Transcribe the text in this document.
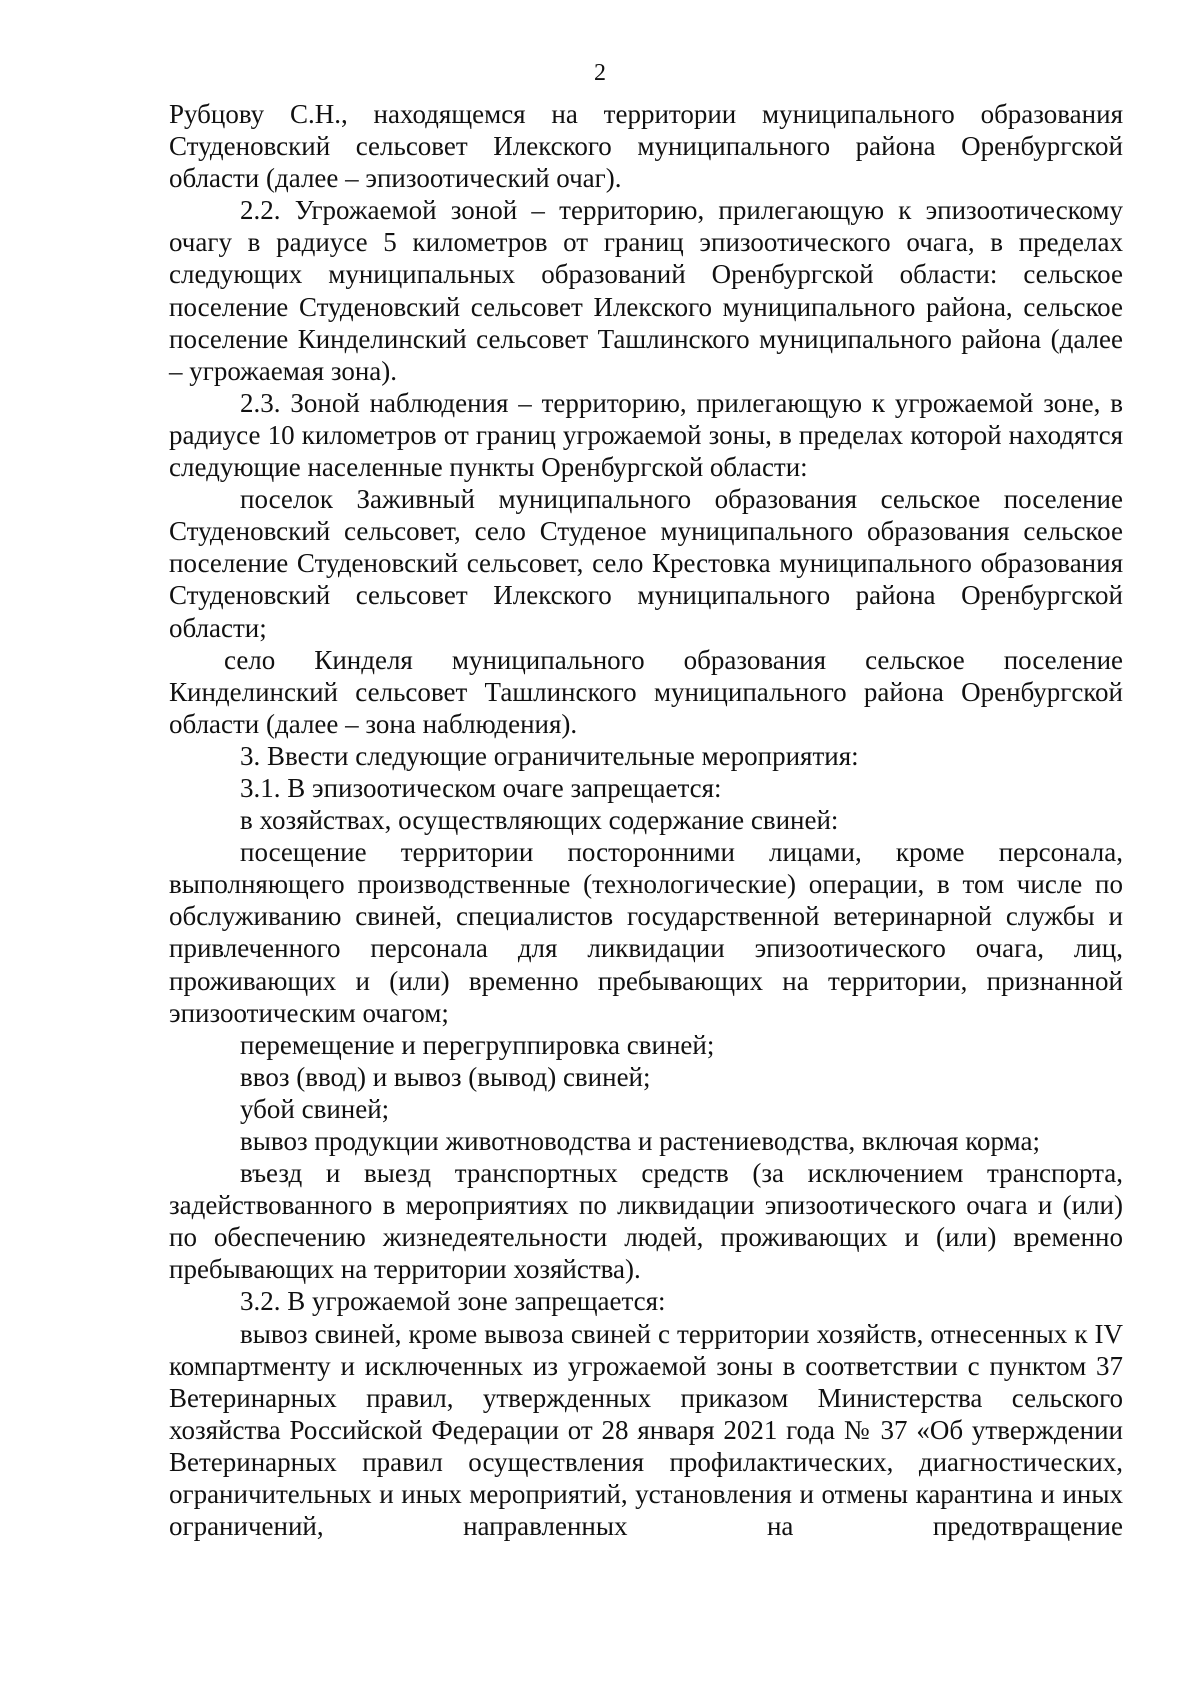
2

Рубцову С.Н., находящемся на территории муниципального образования Студеновский сельсовет Илекского муниципального района Оренбургской области (далее – эпизоотический очаг).

2.2. Угрожаемой зоной – территорию, прилегающую к эпизоотическому очагу в радиусе 5 километров от границ эпизоотического очага, в пределах следующих муниципальных образований Оренбургской области: сельское поселение Студеновский сельсовет Илекского муниципального района, сельское поселение Кинделинский сельсовет Ташлинского муниципального района (далее – угрожаемая зона).

2.3. Зоной наблюдения – территорию, прилегающую к угрожаемой зоне, в радиусе 10 километров от границ угрожаемой зоны, в пределах которой находятся следующие населенные пункты Оренбургской области:

поселок Заживный муниципального образования сельское поселение Студеновский сельсовет, село Студеное муниципального образования сельское поселение Студеновский сельсовет, село Крестовка муниципального образования Студеновский сельсовет Илекского муниципального района Оренбургской области;

село Кинделя муниципального образования сельское поселение Кинделинский сельсовет Ташлинского муниципального района Оренбургской области (далее – зона наблюдения).

3. Ввести следующие ограничительные мероприятия:

3.1. В эпизоотическом очаге запрещается:

в хозяйствах, осуществляющих содержание свиней:

посещение территории посторонними лицами, кроме персонала, выполняющего производственные (технологические) операции, в том числе по обслуживанию свиней, специалистов государственной ветеринарной службы и привлеченного персонала для ликвидации эпизоотического очага, лиц, проживающих и (или) временно пребывающих на территории, признанной эпизоотическим очагом;

перемещение и перегруппировка свиней;

ввоз (ввод) и вывоз (вывод) свиней;

убой свиней;

вывоз продукции животноводства и растениеводства, включая корма;

въезд и выезд транспортных средств (за исключением транспорта, задействованного в мероприятиях по ликвидации эпизоотического очага и (или) по обеспечению жизнедеятельности людей, проживающих и (или) временно пребывающих на территории хозяйства).

3.2. В угрожаемой зоне запрещается:

вывоз свиней, кроме вывоза свиней с территории хозяйств, отнесенных к IV компартменту и исключенных из угрожаемой зоны в соответствии с пунктом 37 Ветеринарных правил, утвержденных приказом Министерства сельского хозяйства Российской Федерации от 28 января 2021 года № 37 «Об утверждении Ветеринарных правил осуществления профилактических, диагностических, ограничительных и иных мероприятий, установления и отмены карантина и иных ограничений, направленных на предотвращение
